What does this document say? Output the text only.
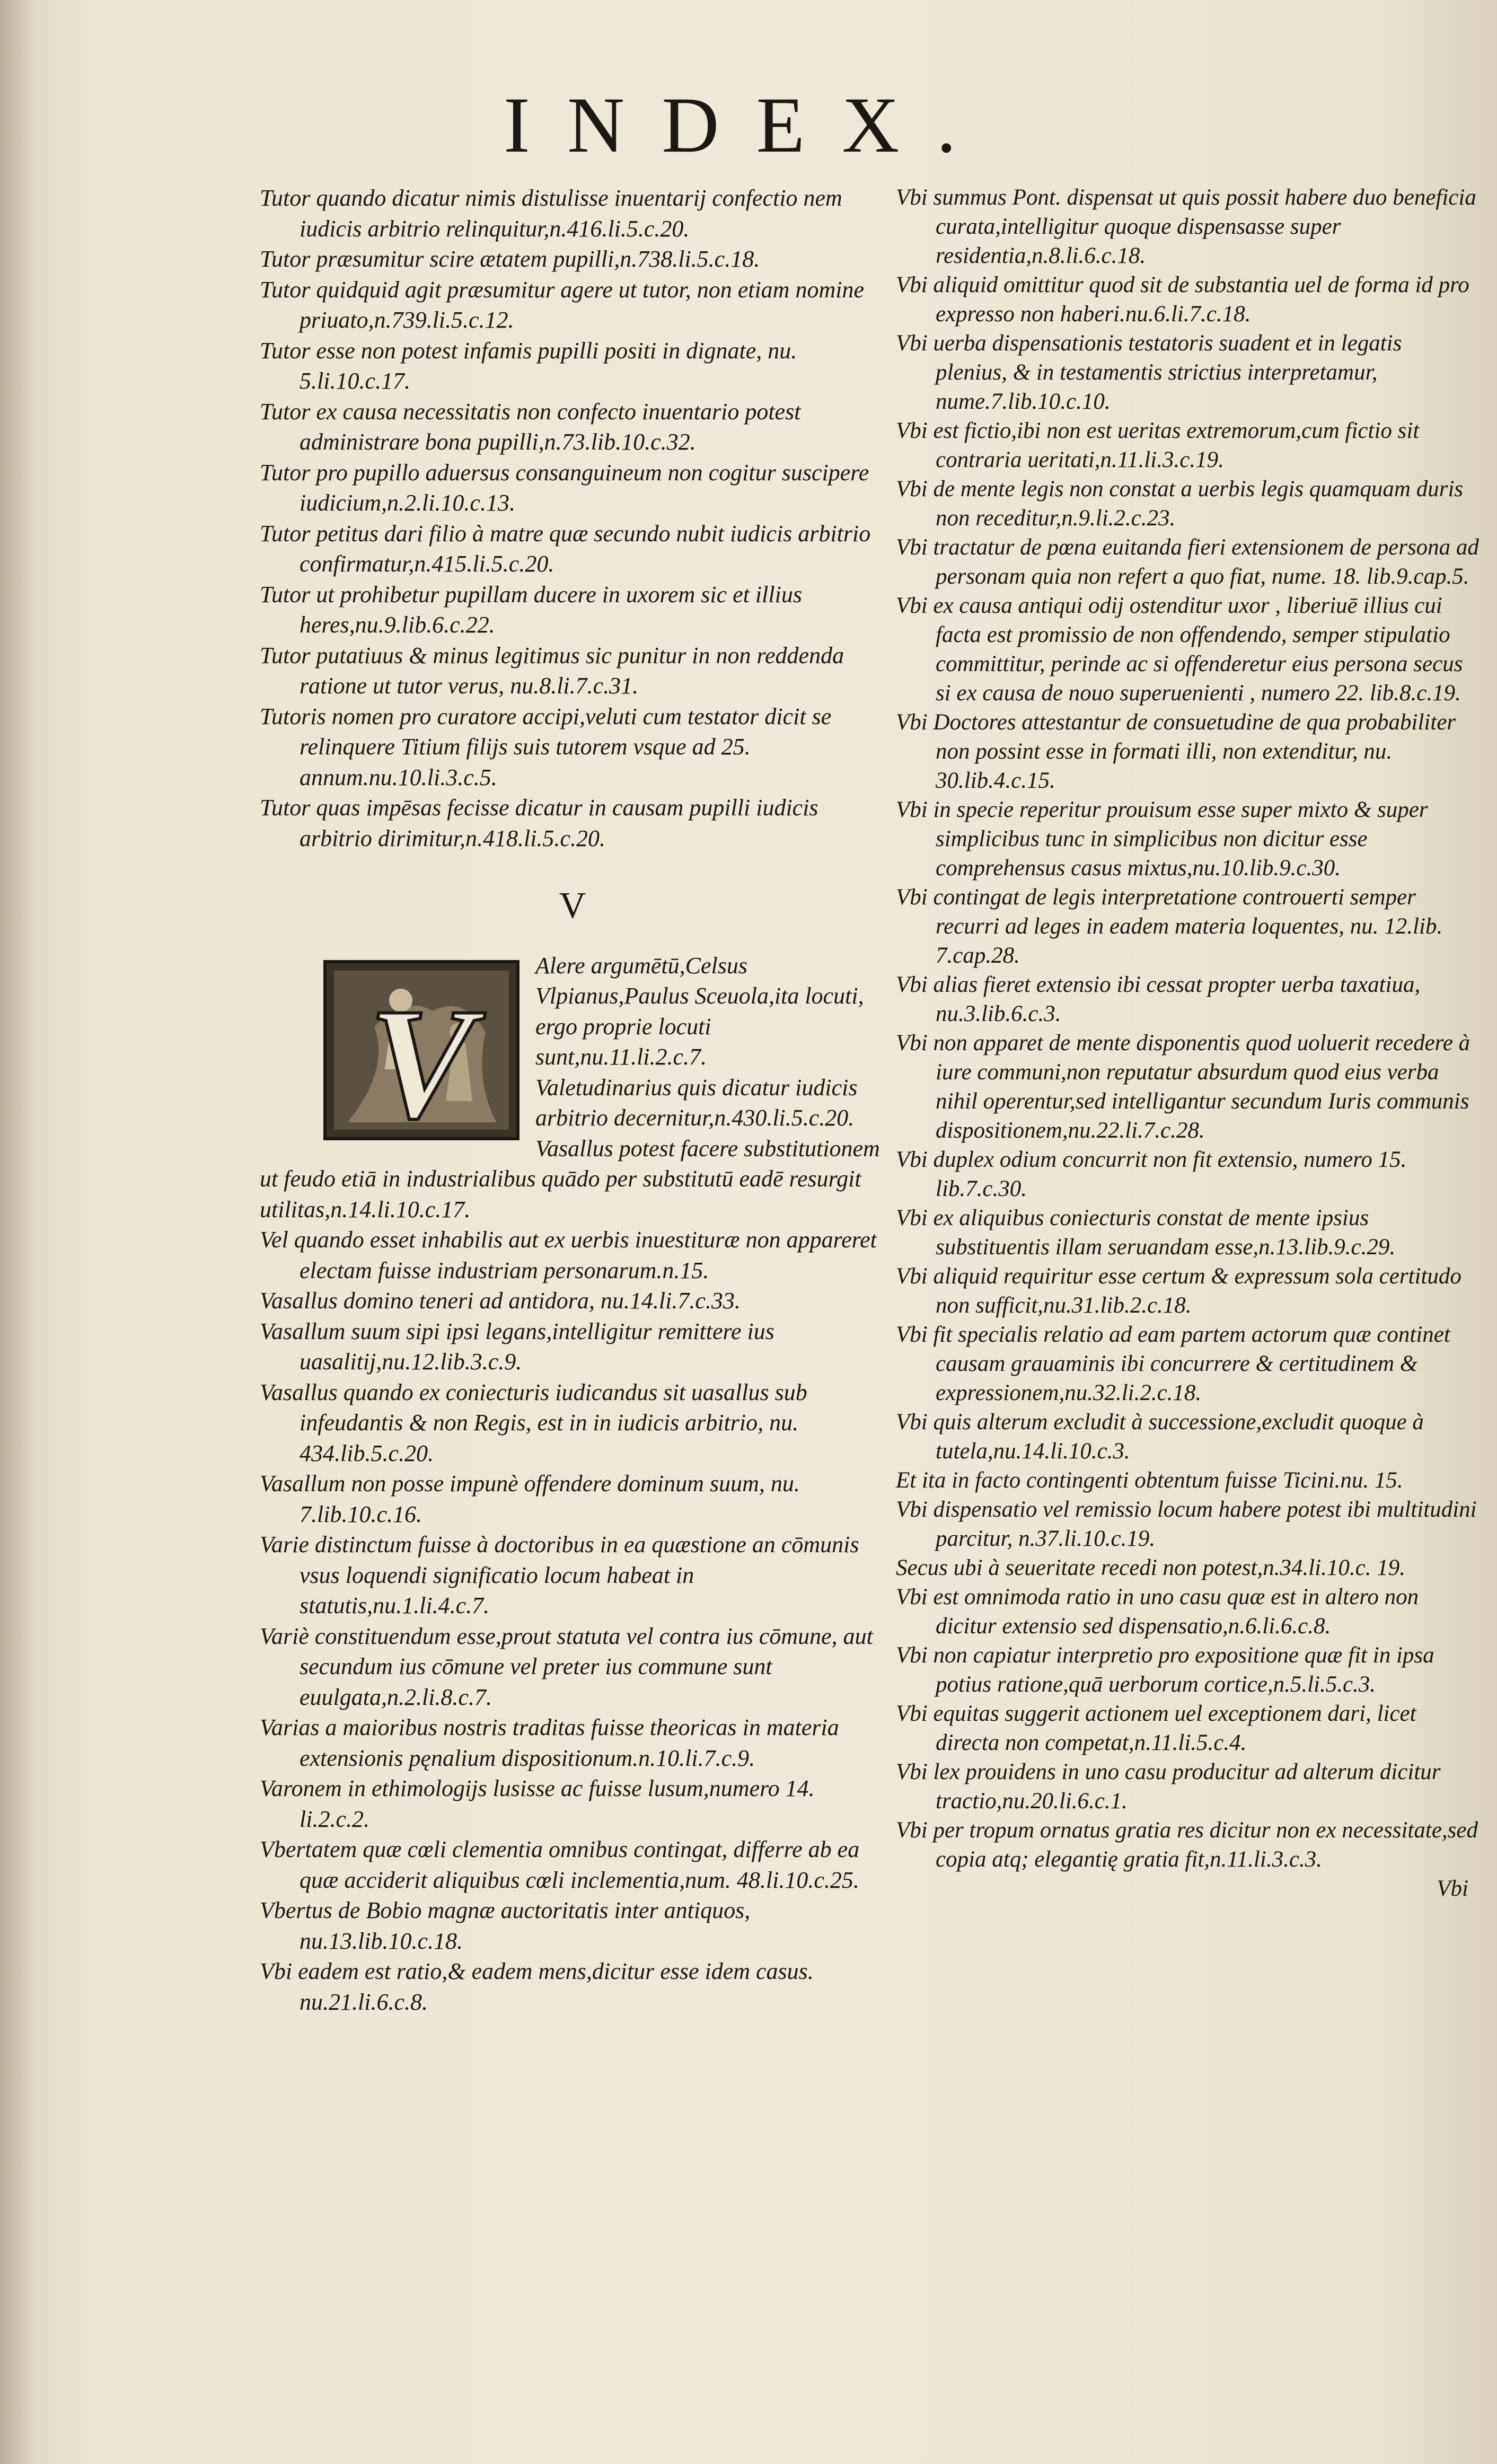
INDEX.

Tutor quando dicatur nimis distulisse inuentarij confectio nem iudicis arbitrio relinquitur,n.416.li.5.c.20.

Tutor præsumitur scire ætatem pupilli,n.738.li.5.c.18.

Tutor quidquid agit præsumitur agere ut tutor, non etiam nomine priuato,n.739.li.5.c.12.

Tutor esse non potest infamis pupilli positi in dignate, nu. 5.li.10.c.17.

Tutor ex causa necessitatis non confecto inuentario potest administrare bona pupilli,n.73.lib.10.c.32.

Tutor pro pupillo aduersus consanguineum non cogitur suscipere iudicium,n.2.li.10.c.13.

Tutor petitus dari filio à matre quæ secundo nubit iudicis arbitrio confirmatur,n.415.li.5.c.20.

Tutor ut prohibetur pupillam ducere in uxorem sic et illius heres,nu.9.lib.6.c.22.

Tutor putatiuus & minus legitimus sic punitur in non reddenda ratione ut tutor verus, nu.8.li.7.c.31.

Tutoris nomen pro curatore accipi,veluti cum testator dicit se relinquere Titium filijs suis tutorem vsque ad 25. annum.nu.10.li.3.c.5.

Tutor quas impēsas fecisse dicatur in causam pupilli iudicis arbitrio dirimitur,n.418.li.5.c.20.

V
V

Alere argumētū,Celsus Vlpianus,Paulus Sceuola,ita locuti, ergo proprie locuti sunt,nu.11.li.2.c.7.

Valetudinarius quis dicatur iudicis arbitrio decernitur,n.430.li.5.c.20.

Vasallus potest facere substitutionem ut feudo etiā in industrialibus quādo per substitutū eadē resurgit utilitas,n.14.li.10.c.17.

Vel quando esset inhabilis aut ex uerbis inuestituræ non appareret electam fuisse industriam personarum.n.15.

Vasallus domino teneri ad antidora, nu.14.li.7.c.33.

Vasallum suum sipi ipsi legans,intelligitur remittere ius uasalitij,nu.12.lib.3.c.9.

Vasallus quando ex coniecturis iudicandus sit uasallus sub infeudantis & non Regis, est in in iudicis arbitrio, nu. 434.lib.5.c.20.

Vasallum non posse impunè offendere dominum suum, nu. 7.lib.10.c.16.

Varie distinctum fuisse à doctoribus in ea quæstione an cōmunis vsus loquendi significatio locum habeat in statutis,nu.1.li.4.c.7.

Variè constituendum esse,prout statuta vel contra ius cōmune, aut secundum ius cōmune vel preter ius commune sunt euulgata,n.2.li.8.c.7.

Varias a maioribus nostris traditas fuisse theoricas in materia extensionis pęnalium dispositionum.n.10.li.7.c.9.

Varonem in ethimologijs lusisse ac fuisse lusum,numero 14. li.2.c.2.

Vbertatem quæ cœli clementia omnibus contingat, differre ab ea quæ acciderit aliquibus cœli inclementia,num. 48.li.10.c.25.

Vbertus de Bobio magnæ auctoritatis inter antiquos, nu.13.lib.10.c.18.

Vbi eadem est ratio,& eadem mens,dicitur esse idem casus. nu.21.li.6.c.8.

Vbi summus Pont. dispensat ut quis possit habere duo beneficia curata,intelligitur quoque dispensasse super residentia,n.8.li.6.c.18.

Vbi aliquid omittitur quod sit de substantia uel de forma id pro expresso non haberi.nu.6.li.7.c.18.

Vbi uerba dispensationis testatoris suadent et in legatis plenius, & in testamentis strictius interpretamur, nume.7.lib.10.c.10.

Vbi est fictio,ibi non est ueritas extremorum,cum fictio sit contraria ueritati,n.11.li.3.c.19.

Vbi de mente legis non constat a uerbis legis quamquam duris non receditur,n.9.li.2.c.23.

Vbi tractatur de pœna euitanda fieri extensionem de persona ad personam quia non refert a quo fiat, nume. 18. lib.9.cap.5.

Vbi ex causa antiqui odij ostenditur uxor , liberiuē illius cui facta est promissio de non offendendo, semper stipulatio committitur, perinde ac si offenderetur eius persona secus si ex causa de nouo superuenienti , numero 22. lib.8.c.19.

Vbi Doctores attestantur de consuetudine de qua probabiliter non possint esse in formati illi, non extenditur, nu. 30.lib.4.c.15.

Vbi in specie reperitur prouisum esse super mixto & super simplicibus tunc in simplicibus non dicitur esse comprehensus casus mixtus,nu.10.lib.9.c.30.

Vbi contingat de legis interpretatione controuerti semper recurri ad leges in eadem materia loquentes, nu. 12.lib. 7.cap.28.

Vbi alias fieret extensio ibi cessat propter uerba taxatiua, nu.3.lib.6.c.3.

Vbi non apparet de mente disponentis quod uoluerit recedere à iure communi,non reputatur absurdum quod eius verba nihil operentur,sed intelligantur secundum Iuris communis dispositionem,nu.22.li.7.c.28.

Vbi duplex odium concurrit non fit extensio, numero 15. lib.7.c.30.

Vbi ex aliquibus coniecturis constat de mente ipsius substituentis illam seruandam esse,n.13.lib.9.c.29.

Vbi aliquid requiritur esse certum & expressum sola certitudo non sufficit,nu.31.lib.2.c.18.

Vbi fit specialis relatio ad eam partem actorum quæ continet causam grauaminis ibi concurrere & certitudinem & expressionem,nu.32.li.2.c.18.

Vbi quis alterum excludit à successione,excludit quoque à tutela,nu.14.li.10.c.3.

Et ita in facto contingenti obtentum fuisse Ticini.nu. 15.

Vbi dispensatio vel remissio locum habere potest ibi multitudini parcitur, n.37.li.10.c.19.

Secus ubi à seueritate recedi non potest,n.34.li.10.c. 19.

Vbi est omnimoda ratio in uno casu quæ est in altero non dicitur extensio sed dispensatio,n.6.li.6.c.8.

Vbi non capiatur interpretio pro expositione quæ fit in ipsa potius ratione,quā uerborum cortice,n.5.li.5.c.3.

Vbi equitas suggerit actionem uel exceptionem dari, licet directa non competat,n.11.li.5.c.4.

Vbi lex prouidens in uno casu producitur ad alterum dicitur tractio,nu.20.li.6.c.1.

Vbi per tropum ornatus gratia res dicitur non ex necessitate,sed copia atq; elegantię gratia fit,n.11.li.3.c.3.

Vbi
